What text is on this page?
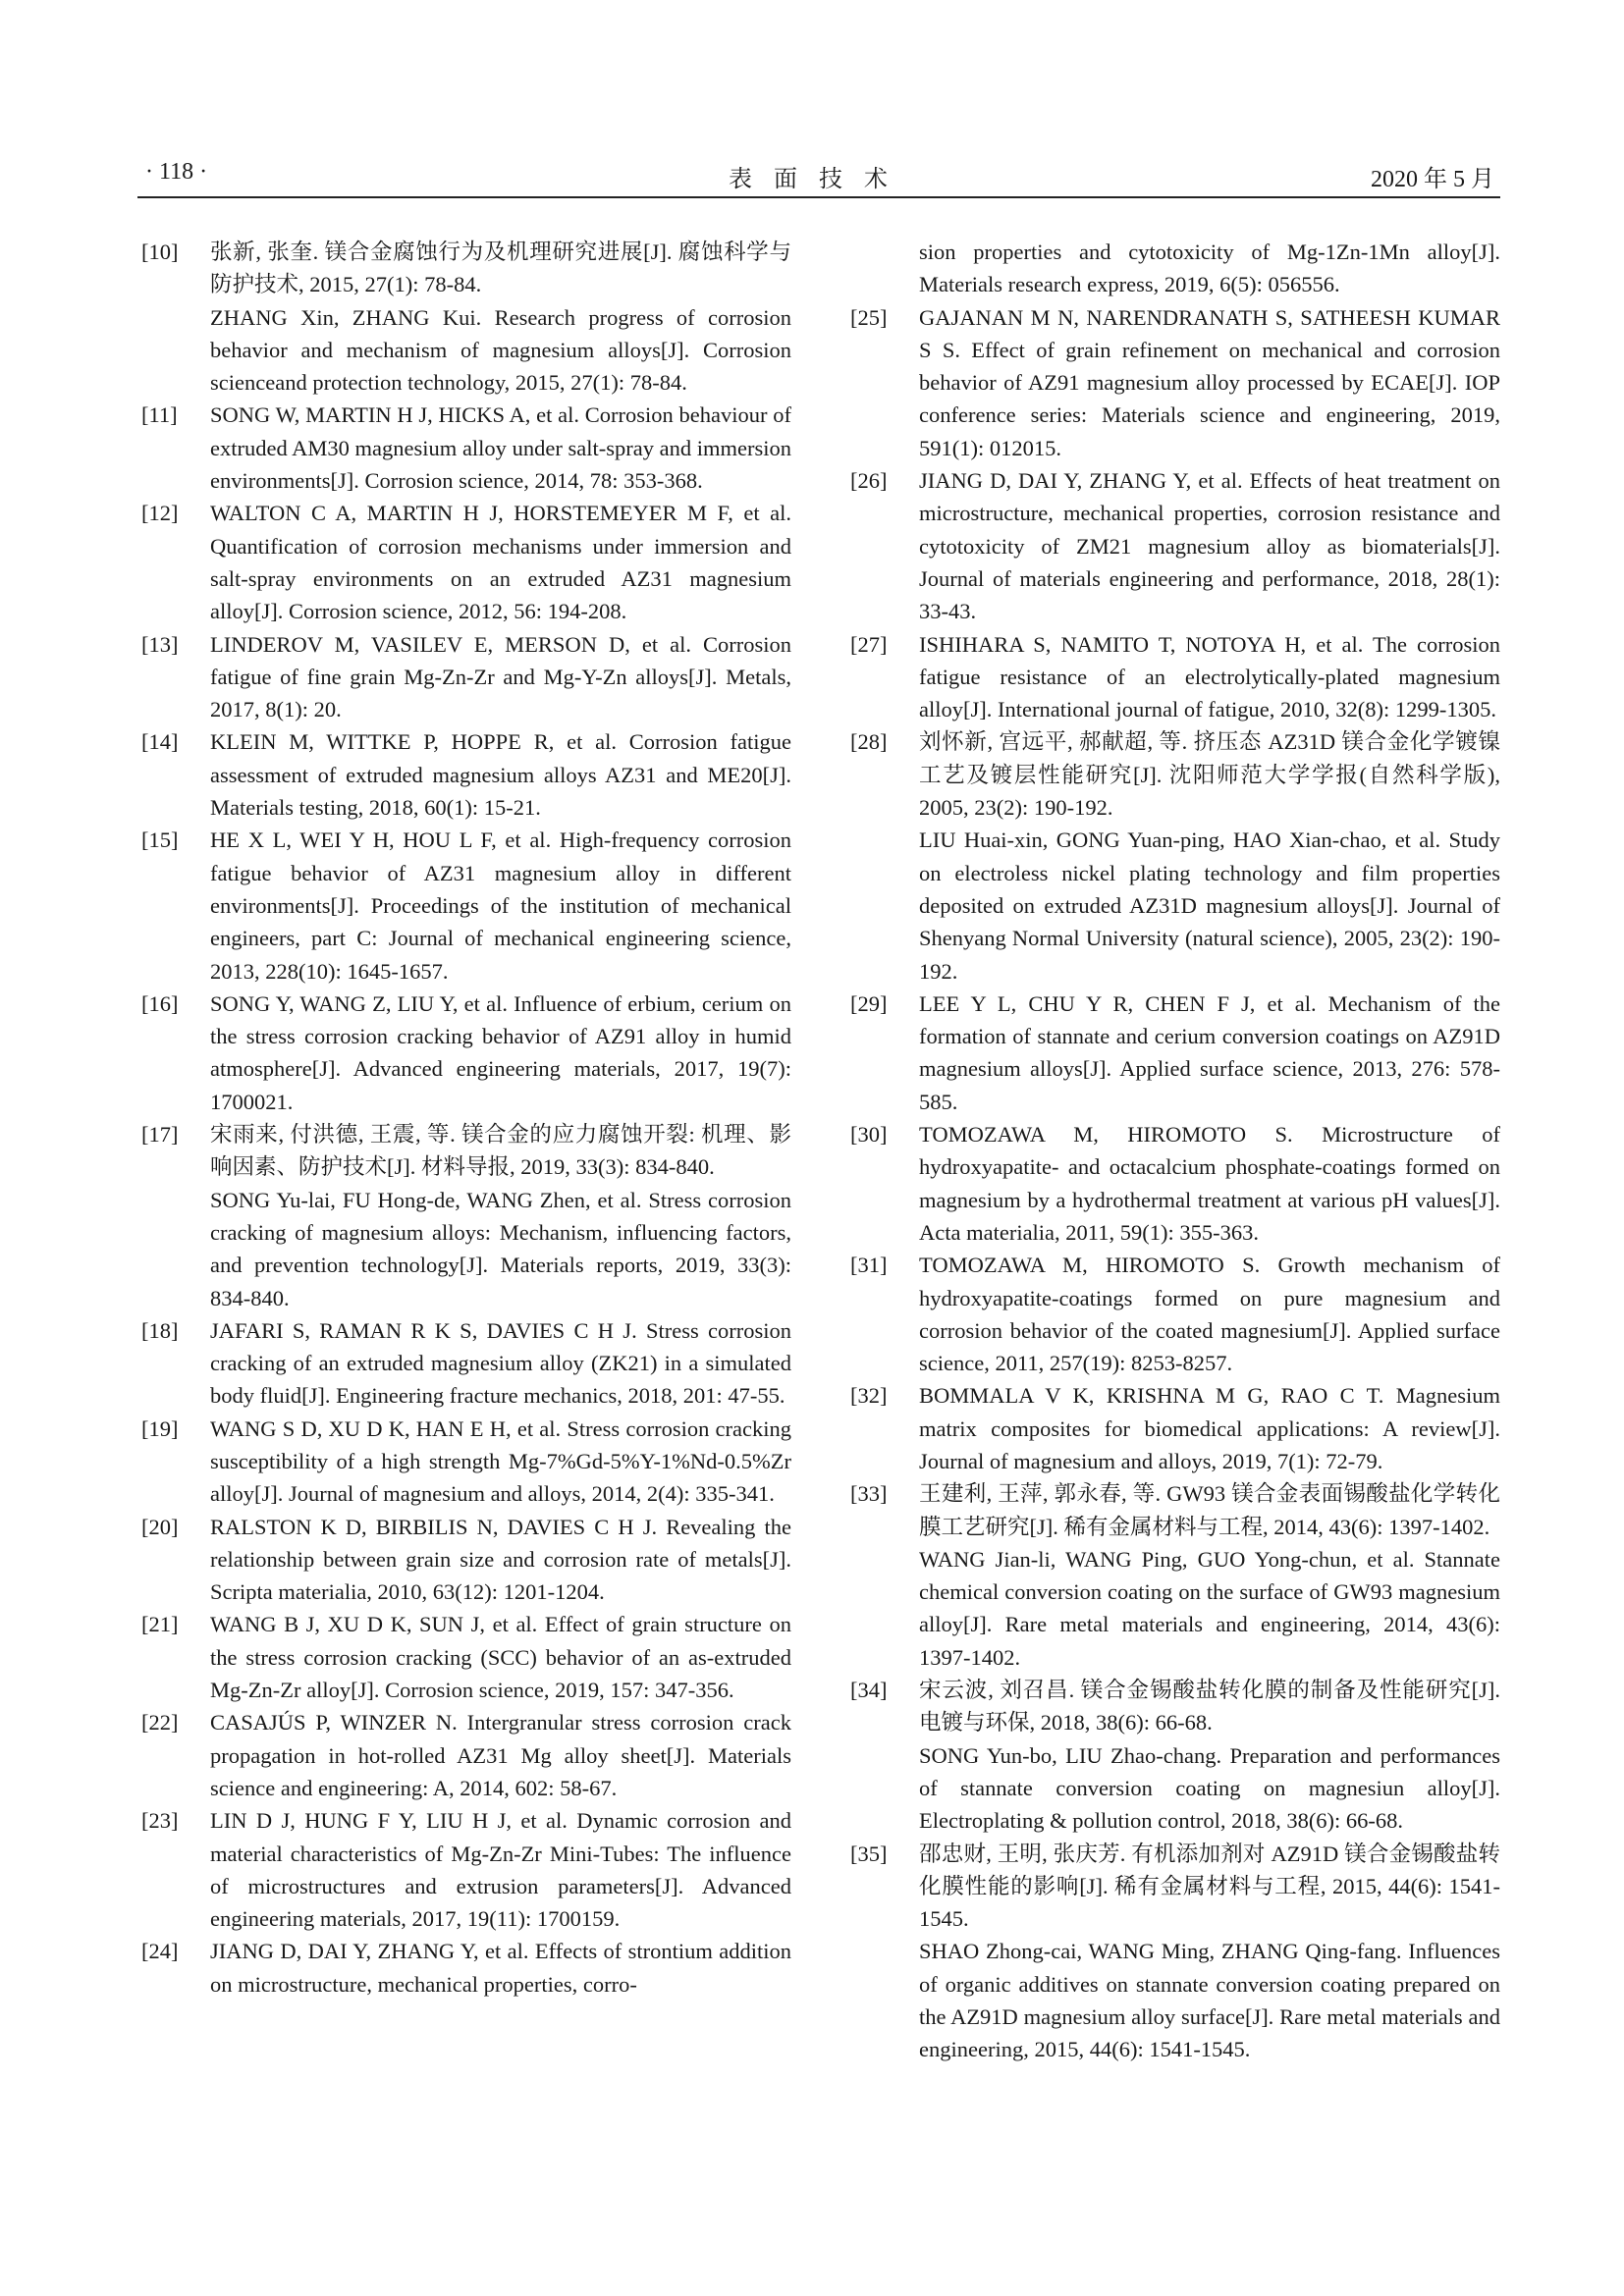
· 118 ·	表面技术	2020 年 5 月
[10] 张新, 张奎. 镁合金腐蚀行为及机理研究进展[J]. 腐蚀科学与防护技术, 2015, 27(1): 78-84.
ZHANG Xin, ZHANG Kui. Research progress of corrosion behavior and mechanism of magnesium alloys[J]. Corrosion scienceand protection technology, 2015, 27(1): 78-84.
[11] SONG W, MARTIN H J, HICKS A, et al. Corrosion behaviour of extruded AM30 magnesium alloy under salt-spray and immersion environments[J]. Corrosion science, 2014, 78: 353-368.
[12] WALTON C A, MARTIN H J, HORSTEMEYER M F, et al. Quantification of corrosion mechanisms under immersion and salt-spray environments on an extruded AZ31 magnesium alloy[J]. Corrosion science, 2012, 56: 194-208.
[13] LINDEROV M, VASILEV E, MERSON D, et al. Corrosion fatigue of fine grain Mg-Zn-Zr and Mg-Y-Zn alloys[J]. Metals, 2017, 8(1): 20.
[14] KLEIN M, WITTKE P, HOPPE R, et al. Corrosion fatigue assessment of extruded magnesium alloys AZ31 and ME20[J]. Materials testing, 2018, 60(1): 15-21.
[15] HE X L, WEI Y H, HOU L F, et al. High-frequency corrosion fatigue behavior of AZ31 magnesium alloy in different environments[J]. Proceedings of the institution of mechanical engineers, part C: Journal of mechanical engineering science, 2013, 228(10): 1645-1657.
[16] SONG Y, WANG Z, LIU Y, et al. Influence of erbium, cerium on the stress corrosion cracking behavior of AZ91 alloy in humid atmosphere[J]. Advanced engineering materials, 2017, 19(7): 1700021.
[17] 宋雨来, 付洪德, 王震, 等. 镁合金的应力腐蚀开裂: 机理、影响因素、防护技术[J]. 材料导报, 2019, 33(3): 834-840.
SONG Yu-lai, FU Hong-de, WANG Zhen, et al. Stress corrosion cracking of magnesium alloys: Mechanism, influencing factors, and prevention technology[J]. Materials reports, 2019, 33(3): 834-840.
[18] JAFARI S, RAMAN R K S, DAVIES C H J. Stress corrosion cracking of an extruded magnesium alloy (ZK21) in a simulated body fluid[J]. Engineering fracture mechanics, 2018, 201: 47-55.
[19] WANG S D, XU D K, HAN E H, et al. Stress corrosion cracking susceptibility of a high strength Mg-7%Gd-5%Y-1%Nd-0.5%Zr alloy[J]. Journal of magnesium and alloys, 2014, 2(4): 335-341.
[20] RALSTON K D, BIRBILIS N, DAVIES C H J. Revealing the relationship between grain size and corrosion rate of metals[J]. Scripta materialia, 2010, 63(12): 1201-1204.
[21] WANG B J, XU D K, SUN J, et al. Effect of grain structure on the stress corrosion cracking (SCC) behavior of an as-extruded Mg-Zn-Zr alloy[J]. Corrosion science, 2019, 157: 347-356.
[22] CASAJÚS P, WINZER N. Intergranular stress corrosion crack propagation in hot-rolled AZ31 Mg alloy sheet[J]. Materials science and engineering: A, 2014, 602: 58-67.
[23] LIN D J, HUNG F Y, LIU H J, et al. Dynamic corrosion and material characteristics of Mg-Zn-Zr Mini-Tubes: The influence of microstructures and extrusion parameters[J]. Advanced engineering materials, 2017, 19(11): 1700159.
[24] JIANG D, DAI Y, ZHANG Y, et al. Effects of strontium addition on microstructure, mechanical properties, corro-
sion properties and cytotoxicity of Mg-1Zn-1Mn alloy[J]. Materials research express, 2019, 6(5): 056556.
[25] GAJANAN M N, NARENDRANATH S, SATHEESH KUMAR S S. Effect of grain refinement on mechanical and corrosion behavior of AZ91 magnesium alloy processed by ECAE[J]. IOP conference series: Materials science and engineering, 2019, 591(1): 012015.
[26] JIANG D, DAI Y, ZHANG Y, et al. Effects of heat treatment on microstructure, mechanical properties, corrosion resistance and cytotoxicity of ZM21 magnesium alloy as biomaterials[J]. Journal of materials engineering and performance, 2018, 28(1): 33-43.
[27] ISHIHARA S, NAMITO T, NOTOYA H, et al. The corrosion fatigue resistance of an electrolytically-plated magnesium alloy[J]. International journal of fatigue, 2010, 32(8): 1299-1305.
[28] 刘怀新, 宫远平, 郝献超, 等. 挤压态 AZ31D 镁合金化学镀镍工艺及镀层性能研究[J]. 沈阳师范大学学报(自然科学版), 2005, 23(2): 190-192.
LIU Huai-xin, GONG Yuan-ping, HAO Xian-chao, et al. Study on electroless nickel plating technology and film properties deposited on extruded AZ31D magnesium alloys[J]. Journal of Shenyang Normal University (natural science), 2005, 23(2): 190-192.
[29] LEE Y L, CHU Y R, CHEN F J, et al. Mechanism of the formation of stannate and cerium conversion coatings on AZ91D magnesium alloys[J]. Applied surface science, 2013, 276: 578-585.
[30] TOMOZAWA M, HIROMOTO S. Microstructure of hydroxyapatite- and octacalcium phosphate-coatings formed on magnesium by a hydrothermal treatment at various pH values[J]. Acta materialia, 2011, 59(1): 355-363.
[31] TOMOZAWA M, HIROMOTO S. Growth mechanism of hydroxyapatite-coatings formed on pure magnesium and corrosion behavior of the coated magnesium[J]. Applied surface science, 2011, 257(19): 8253-8257.
[32] BOMMALA V K, KRISHNA M G, RAO C T. Magnesium matrix composites for biomedical applications: A review[J]. Journal of magnesium and alloys, 2019, 7(1): 72-79.
[33] 王建利, 王萍, 郭永春, 等. GW93 镁合金表面锡酸盐化学转化膜工艺研究[J]. 稀有金属材料与工程, 2014, 43(6): 1397-1402.
WANG Jian-li, WANG Ping, GUO Yong-chun, et al. Stannate chemical conversion coating on the surface of GW93 magnesium alloy[J]. Rare metal materials and engineering, 2014, 43(6): 1397-1402.
[34] 宋云波, 刘召昌. 镁合金锡酸盐转化膜的制备及性能研究[J]. 电镀与环保, 2018, 38(6): 66-68.
SONG Yun-bo, LIU Zhao-chang. Preparation and performances of stannate conversion coating on magnesiun alloy[J]. Electroplating & pollution control, 2018, 38(6): 66-68.
[35] 邵忠财, 王明, 张庆芳. 有机添加剂对 AZ91D 镁合金锡酸盐转化膜性能的影响[J]. 稀有金属材料与工程, 2015, 44(6): 1541-1545.
SHAO Zhong-cai, WANG Ming, ZHANG Qing-fang. Influences of organic additives on stannate conversion coating prepared on the AZ91D magnesium alloy surface[J]. Rare metal materials and engineering, 2015, 44(6): 1541-1545.
